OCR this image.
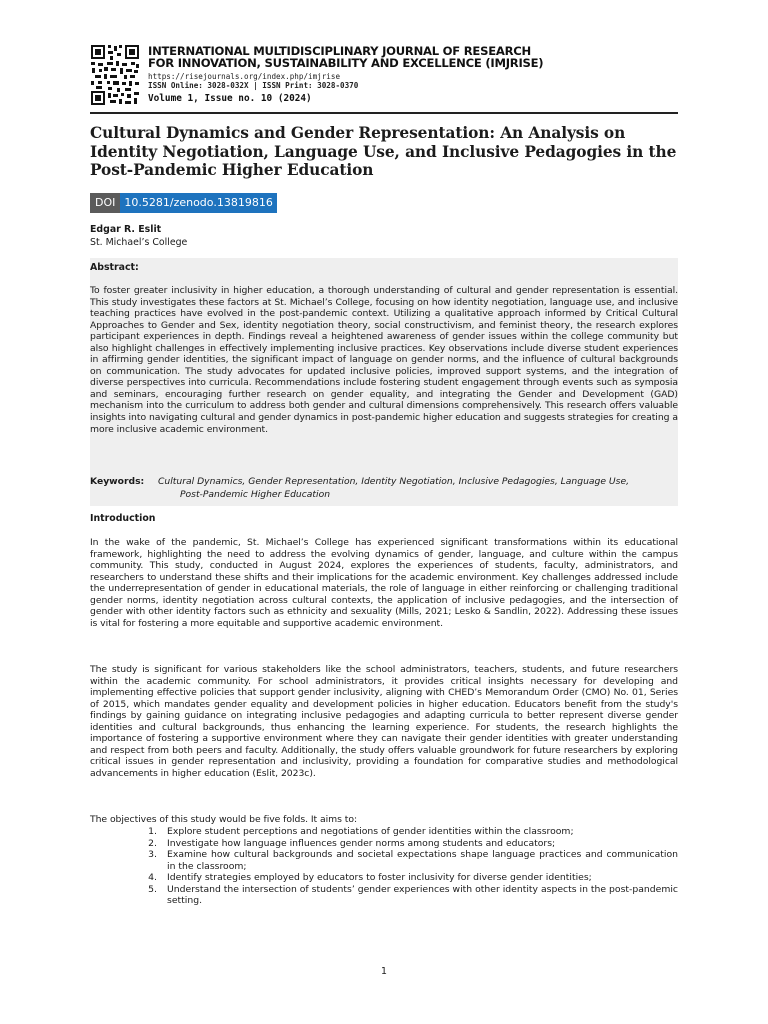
INTERNATIONAL MULTIDISCIPLINARY JOURNAL OF RESEARCH
FOR INNOVATION, SUSTAINABILITY AND EXCELLENCE (IMJRISE)
https://risejournals.org/index.php/imjrise
ISSN Online: 3028-032X | ISSN Print: 3028-0370
Volume 1, Issue no. 10 (2024)
Cultural Dynamics and Gender Representation: An Analysis on Identity Negotiation, Language Use, and Inclusive Pedagogies in the Post-Pandemic Higher Education
DOI 10.5281/zenodo.13819816
Edgar R. Eslit
St. Michael’s College
Abstract:
To foster greater inclusivity in higher education, a thorough understanding of cultural and gender representation is essential. This study investigates these factors at St. Michael’s College, focusing on how identity negotiation, language use, and inclusive teaching practices have evolved in the post-pandemic context. Utilizing a qualitative approach informed by Critical Cultural Approaches to Gender and Sex, identity negotiation theory, social constructivism, and feminist theory, the research explores participant experiences in depth. Findings reveal a heightened awareness of gender issues within the college community but also highlight challenges in effectively implementing inclusive practices. Key observations include diverse student experiences in affirming gender identities, the significant impact of language on gender norms, and the influence of cultural backgrounds on communication. The study advocates for updated inclusive policies, improved support systems, and the integration of diverse perspectives into curricula. Recommendations include fostering student engagement through events such as symposia and seminars, encouraging further research on gender equality, and integrating the Gender and Development (GAD) mechanism into the curriculum to address both gender and cultural dimensions comprehensively. This research offers valuable insights into navigating cultural and gender dynamics in post-pandemic higher education and suggests strategies for creating a more inclusive academic environment.
Keywords: Cultural Dynamics, Gender Representation, Identity Negotiation, Inclusive Pedagogies, Language Use,
Post-Pandemic Higher Education
Introduction
In the wake of the pandemic, St. Michael’s College has experienced significant transformations within its educational framework, highlighting the need to address the evolving dynamics of gender, language, and culture within the campus community. This study, conducted in August 2024, explores the experiences of students, faculty, administrators, and researchers to understand these shifts and their implications for the academic environment. Key challenges addressed include the underrepresentation of gender in educational materials, the role of language in either reinforcing or challenging traditional gender norms, identity negotiation across cultural contexts, the application of inclusive pedagogies, and the intersection of gender with other identity factors such as ethnicity and sexuality (Mills, 2021; Lesko & Sandlin, 2022). Addressing these issues is vital for fostering a more equitable and supportive academic environment.
The study is significant for various stakeholders like the school administrators, teachers, students, and future researchers within the academic community. For school administrators, it provides critical insights necessary for developing and implementing effective policies that support gender inclusivity, aligning with CHED’s Memorandum Order (CMO) No. 01, Series of 2015, which mandates gender equality and development policies in higher education. Educators benefit from the study's findings by gaining guidance on integrating inclusive pedagogies and adapting curricula to better represent diverse gender identities and cultural backgrounds, thus enhancing the learning experience. For students, the research highlights the importance of fostering a supportive environment where they can navigate their gender identities with greater understanding and respect from both peers and faculty. Additionally, the study offers valuable groundwork for future researchers by exploring critical issues in gender representation and inclusivity, providing a foundation for comparative studies and methodological advancements in higher education (Eslit, 2023c).
The objectives of this study would be five folds. It aims to:
1.	Explore student perceptions and negotiations of gender identities within the classroom;
2.	Investigate how language influences gender norms among students and educators;
3.	Examine how cultural backgrounds and societal expectations shape language practices and communication in the classroom;
4.	Identify strategies employed by educators to foster inclusivity for diverse gender identities;
5.	Understand the intersection of students’ gender experiences with other identity aspects in the post-pandemic setting.
1
